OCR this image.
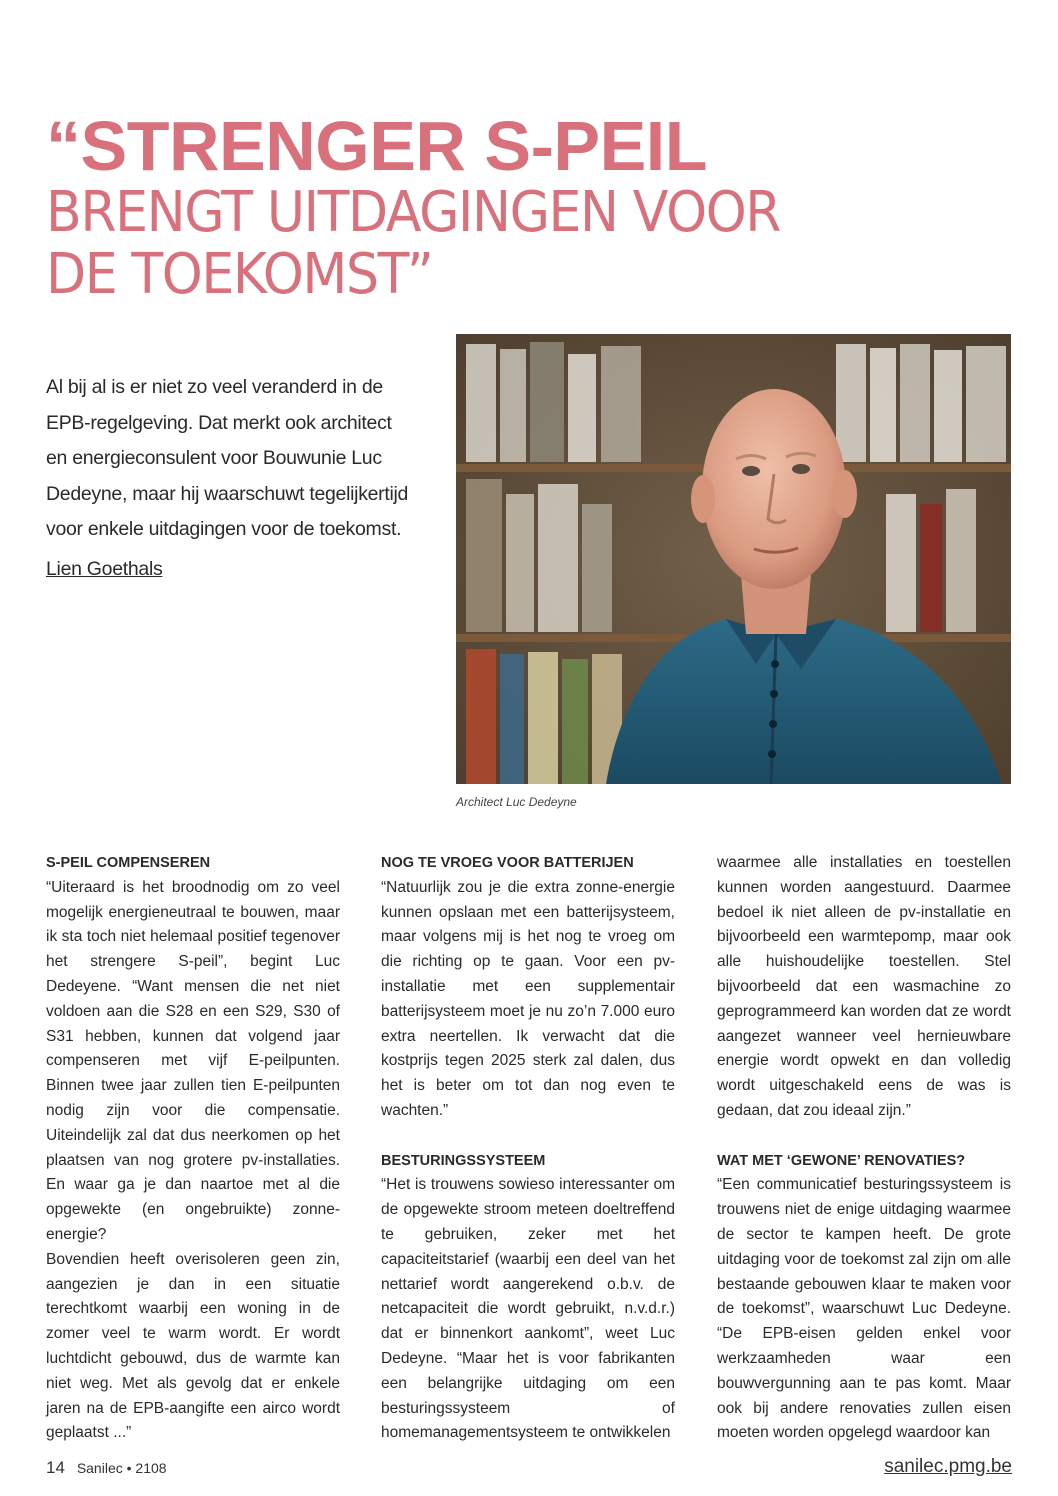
“STRENGER S-PEIL
BRENGT UITDAGINGEN VOOR
DE TOEKOMST”

Al bij al is er niet zo veel veranderd in de EPB-regelgeving. Dat merkt ook architect en energieconsulent voor Bouwunie Luc Dedeyne, maar hij waarschuwt tegelijkertijd voor enkele uitdagingen voor de toekomst.

Lien Goethals
Architect Luc Dedeyne
S-PEIL COMPENSEREN

“Uiteraard is het broodnodig om zo veel mogelijk energieneutraal te bouwen, maar ik sta toch niet helemaal positief tegenover het strengere S-peil”, begint Luc Dedeyene. “Want mensen die net niet voldoen aan die S28 en een S29, S30 of S31 hebben, kunnen dat volgend jaar compenseren met vijf E-peilpunten. Binnen twee jaar zullen tien E-peilpunten nodig zijn voor die compensatie. Uiteindelijk zal dat dus neerkomen op het plaatsen van nog grotere pv-installaties. En waar ga je dan naartoe met al die opgewekte (en ongebruikte) zonne-energie?

Bovendien heeft overisoleren geen zin, aangezien je dan in een situatie terechtkomt waarbij een woning in de zomer veel te warm wordt. Er wordt luchtdicht gebouwd, dus de warmte kan niet weg. Met als gevolg dat er enkele jaren na de EPB-aangifte een airco wordt geplaatst ...”

NOG TE VROEG VOOR BATTERIJEN

“Natuurlijk zou je die extra zonne-energie kunnen opslaan met een batterijsysteem, maar volgens mij is het nog te vroeg om die richting op te gaan. Voor een pv-installatie met een supplementair batterijsysteem moet je nu zo’n 7.000 euro extra neertellen. Ik verwacht dat die kostprijs tegen 2025 sterk zal dalen, dus het is beter om tot dan nog even te wachten.”

BESTURINGSSYSTEEM

“Het is trouwens sowieso interessanter om de opgewekte stroom meteen doeltreffend te gebruiken, zeker met het capaciteitstarief (waarbij een deel van het nettarief wordt aangerekend o.b.v. de netcapaciteit die wordt gebruikt, n.v.d.r.) dat er binnenkort aankomt”, weet Luc Dedeyne. “Maar het is voor fabrikanten een belangrijke uitdaging om een besturingssysteem of homemanagementsysteem te ontwikkelen

waarmee alle installaties en toestellen kunnen worden aangestuurd. Daarmee bedoel ik niet alleen de pv-installatie en bijvoorbeeld een warmtepomp, maar ook alle huishoudelijke toestellen. Stel bijvoorbeeld dat een wasmachine zo geprogrammeerd kan worden dat ze wordt aangezet wanneer veel hernieuwbare energie wordt opwekt en dan volledig wordt uitgeschakeld eens de was is gedaan, dat zou ideaal zijn.”

WAT MET ‘GEWONE’ RENOVATIES?

“Een communicatief besturingssysteem is trouwens niet de enige uitdaging waarmee de sector te kampen heeft. De grote uitdaging voor de toekomst zal zijn om alle bestaande gebouwen klaar te maken voor de toekomst”, waarschuwt Luc Dedeyne. “De EPB-eisen gelden enkel voor werkzaamheden waar een bouwvergunning aan te pas komt. Maar ook bij andere renovaties zullen eisen moeten worden opgelegd waardoor kan

14 Sanilec • 2108	sanilec.pmg.be
